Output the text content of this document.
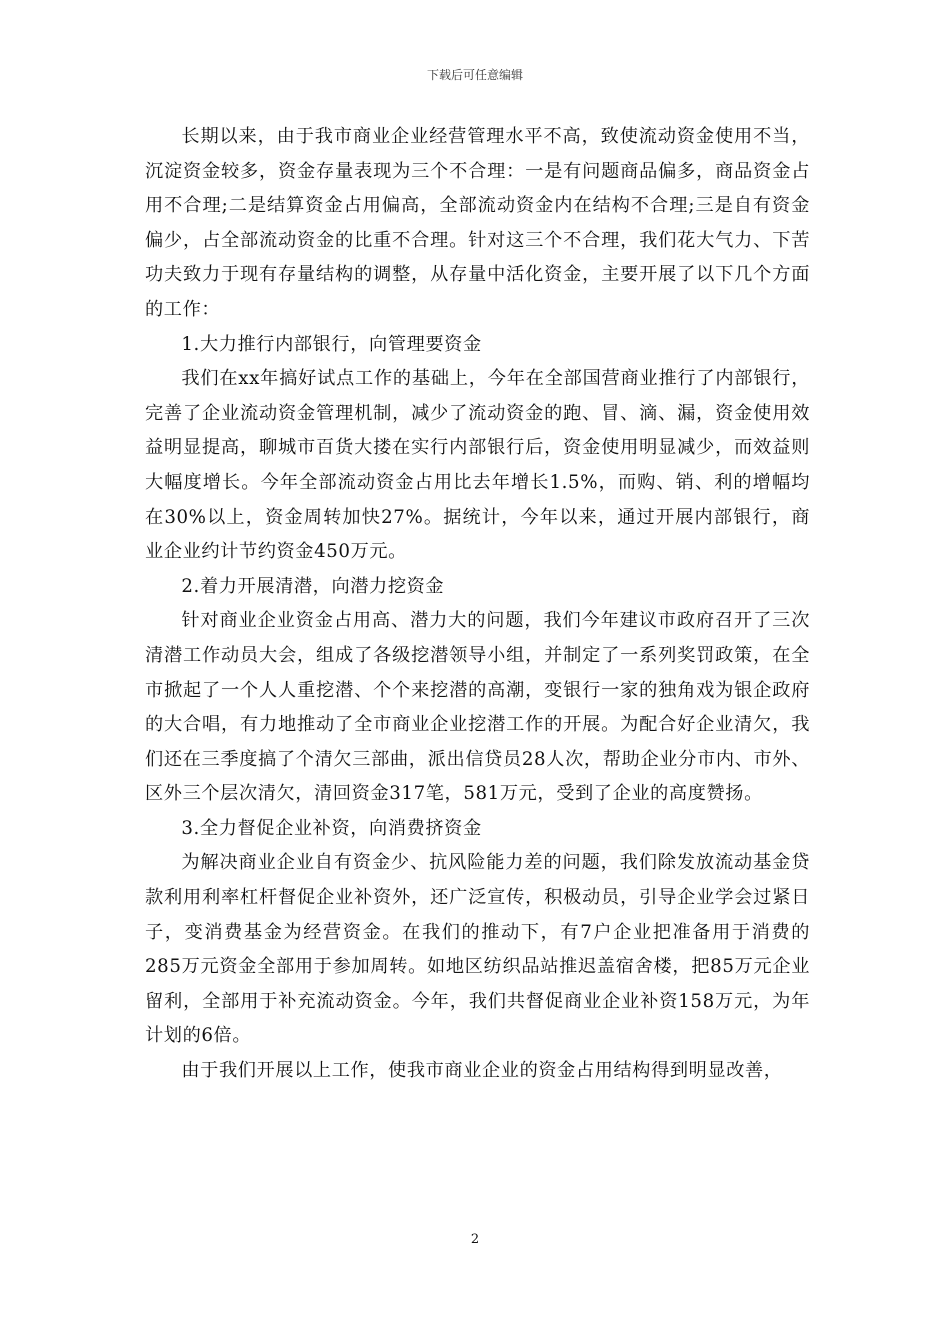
下载后可任意编辑

长期以来，由于我市商业企业经营管理水平不高，致使流动资金使用不当，沉淀资金较多，资金存量表现为三个不合理：一是有问题商品偏多，商品资金占用不合理;二是结算资金占用偏高，全部流动资金内在结构不合理;三是自有资金偏少，占全部流动资金的比重不合理。针对这三个不合理，我们花大气力、下苦功夫致力于现有存量结构的调整，从存量中活化资金，主要开展了以下几个方面的工作：

1.大力推行内部银行，向管理要资金

我们在xx年搞好试点工作的基础上，今年在全部国营商业推行了内部银行，完善了企业流动资金管理机制，减少了流动资金的跑、冒、滴、漏，资金使用效益明显提高，聊城市百货大搂在实行内部银行后，资金使用明显减少，而效益则大幅度增长。今年全部流动资金占用比去年增长1.5%，而购、销、利的增幅均在30%以上，资金周转加快27%。据统计，今年以来，通过开展内部银行，商业企业约计节约资金450万元。

2.着力开展清潜，向潜力挖资金

针对商业企业资金占用高、潜力大的问题，我们今年建议市政府召开了三次清潜工作动员大会，组成了各级挖潜领导小组，并制定了一系列奖罚政策，在全市掀起了一个人人重挖潜、个个来挖潜的高潮，变银行一家的独角戏为银企政府的大合唱，有力地推动了全市商业企业挖潜工作的开展。为配合好企业清欠，我们还在三季度搞了个清欠三部曲，派出信贷员28人次，帮助企业分市内、市外、区外三个层次清欠，清回资金317笔，581万元，受到了企业的高度赞扬。

3.全力督促企业补资，向消费挤资金

为解决商业企业自有资金少、抗风险能力差的问题，我们除发放流动基金贷款利用利率杠杆督促企业补资外，还广泛宣传，积极动员，引导企业学会过紧日子，变消费基金为经营资金。在我们的推动下，有7户企业把准备用于消费的285万元资金全部用于参加周转。如地区纺织品站推迟盖宿舍楼，把85万元企业留利，全部用于补充流动资金。今年，我们共督促商业企业补资158万元，为年计划的6倍。

由于我们开展以上工作，使我市商业企业的资金占用结构得到明显改善，

2
